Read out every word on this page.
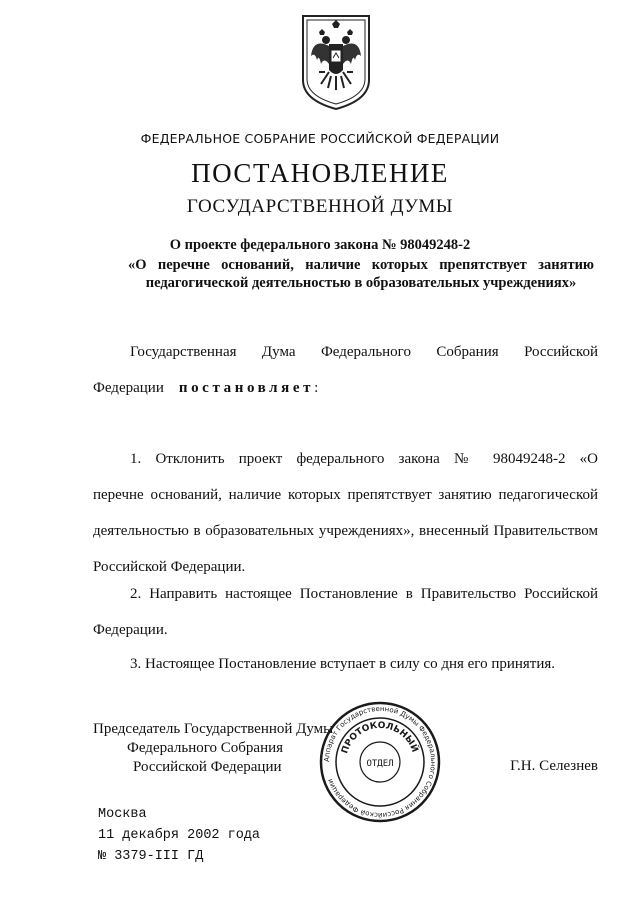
ФЕДЕРАЛЬНОЕ СОБРАНИЕ РОССИЙСКОЙ ФЕДЕРАЦИИ
ПОСТАНОВЛЕНИЕ
ГОСУДАРСТВЕННОЙ ДУМЫ
О проекте федерального закона № 98049248-2
«О перечне оснований, наличие которых препятствует занятию
педагогической деятельностью в образовательных учреждениях»
Государственная Дума Федерального Собрания Российской
Федерации постановляет:
1. Отклонить проект федерального закона № 98049248-2 «О
перечне оснований, наличие которых препятствует занятию педагогической
деятельностью в образовательных учреждениях», внесенный Правительством
Российской Федерации.
2. Направить настоящее Постановление в Правительство Российской
Федерации.
3. Настоящее Постановление вступает в силу со дня его принятия.
Председатель Государственной Думы
Федерального Собрания
Российской Федерации	Аппарат Государственной Думы Федерального Собрания Российской Федерации
ПРОТОКОЛЬНЫЙ
ОТДЕЛ	Г.Н. Селезнев
Москва
11 декабря 2002 года
№ 3379-III ГД
